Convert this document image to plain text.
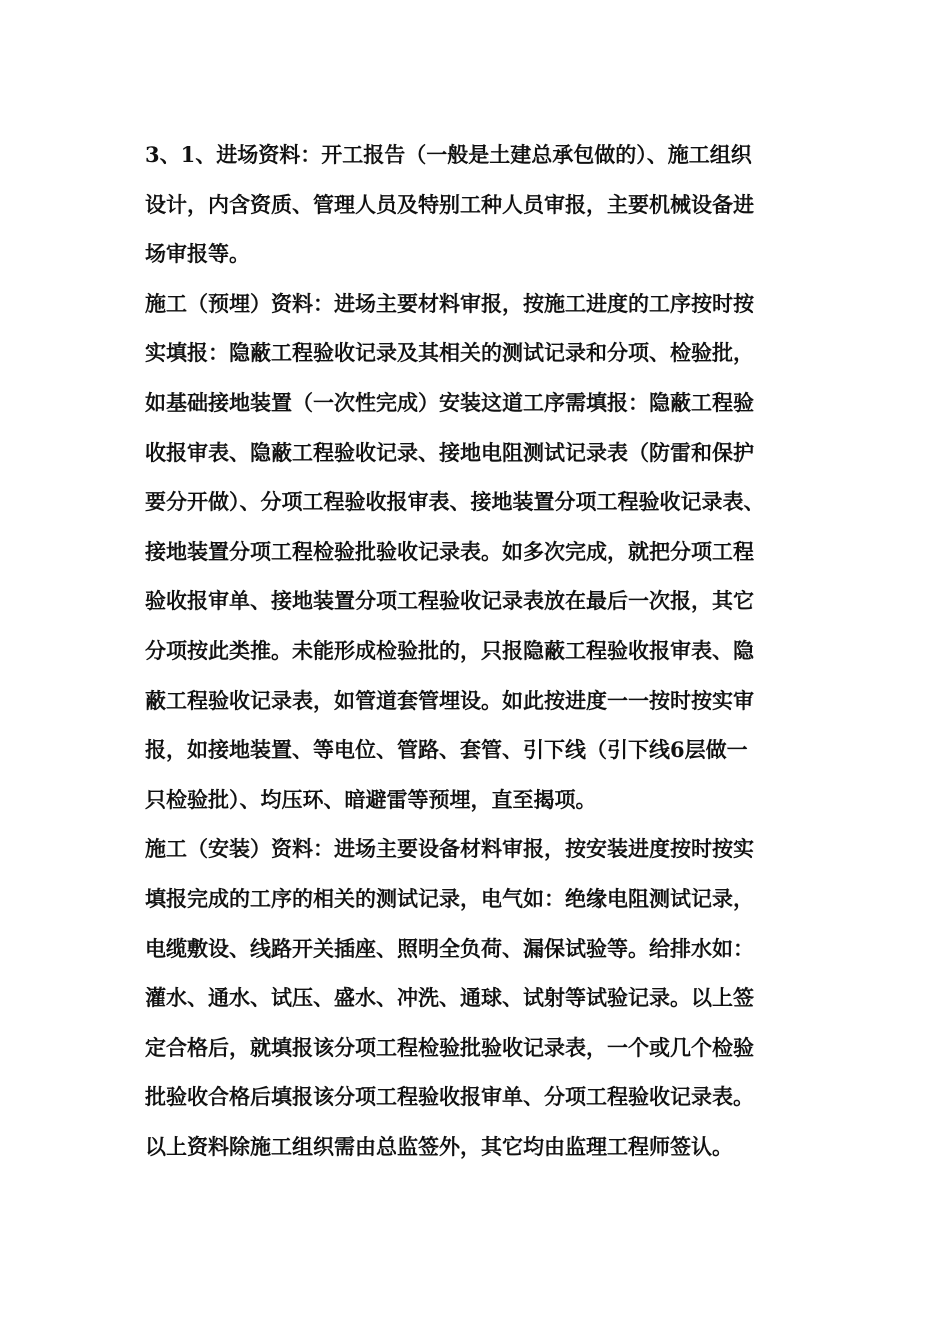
3、1、进场资料：开工报告（一般是土建总承包做的）、施工组织
设计，内含资质、管理人员及特别工种人员审报，主要机械设备进
场审报等。
施工（预埋）资料：进场主要材料审报，按施工进度的工序按时按
实填报：隐蔽工程验收记录及其相关的测试记录和分项、检验批，
如基础接地装置（一次性完成）安装这道工序需填报：隐蔽工程验
收报审表、隐蔽工程验收记录、接地电阻测试记录表（防雷和保护
要分开做）、分项工程验收报审表、接地装置分项工程验收记录表、
接地装置分项工程检验批验收记录表。如多次完成，就把分项工程
验收报审单、接地装置分项工程验收记录表放在最后一次报，其它
分项按此类推。未能形成检验批的，只报隐蔽工程验收报审表、隐
蔽工程验收记录表，如管道套管埋设。如此按进度一一按时按实审
报，如接地装置、等电位、管路、套管、引下线（引下线6层做一
只检验批）、均压环、暗避雷等预埋，直至揭项。
施工（安装）资料：进场主要设备材料审报，按安装进度按时按实
填报完成的工序的相关的测试记录，电气如：绝缘电阻测试记录，
电缆敷设、线路开关插座、照明全负荷、漏保试验等。给排水如：
灌水、通水、试压、盛水、冲洗、通球、试射等试验记录。以上签
定合格后，就填报该分项工程检验批验收记录表，一个或几个检验
批验收合格后填报该分项工程验收报审单、分项工程验收记录表。
以上资料除施工组织需由总监签外，其它均由监理工程师签认。
